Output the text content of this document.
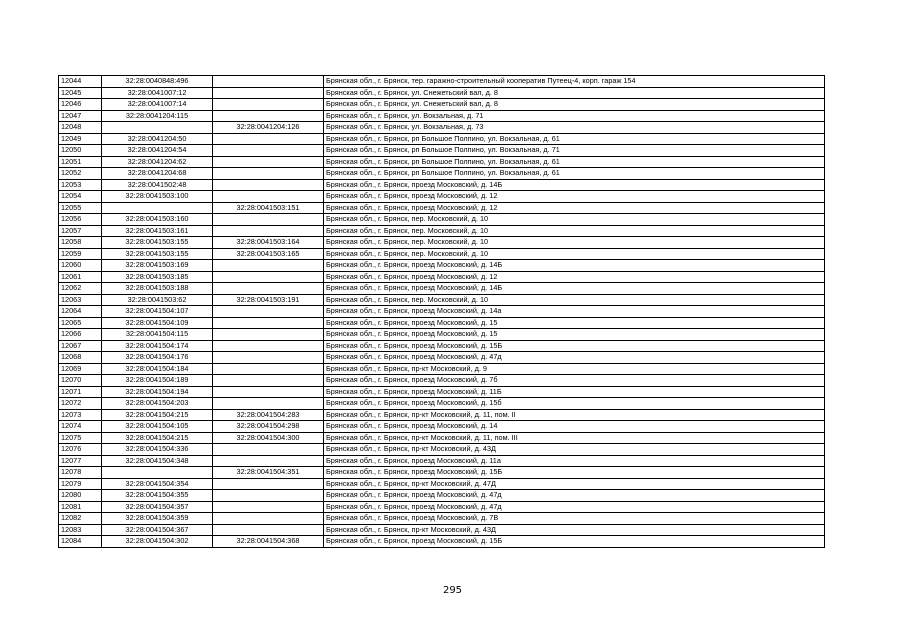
12044	32:28:0040848:496		Брянская обл., г. Брянск, тер. гаражно-строительный кооператив Путеец-4, корп. гараж 154
12045	32:28:0041007:12		Брянская обл., г. Брянск, ул. Снежетьский вал, д. 8
12046	32:28:0041007:14		Брянская обл., г. Брянск, ул. Снежетьский вал, д. 8
12047	32:28:0041204:115		Брянская обл., г. Брянск, ул. Вокзальная, д. 71
12048		32:28:0041204:126	Брянская обл., г. Брянск, ул. Вокзальная, д. 73
12049	32:28:0041204:50		Брянская обл., г. Брянск, рп Большое Полпино, ул. Вокзальная, д. 61
12050	32:28:0041204:54		Брянская обл., г. Брянск, рп Большое Полпино, ул. Вокзальная, д. 71
12051	32:28:0041204:62		Брянская обл., г. Брянск, рп Большое Полпино, ул. Вокзальная, д. 61
12052	32:28:0041204:68		Брянская обл., г. Брянск, рп Большое Полпино, ул. Вокзальная, д. 61
12053	32:28:0041502:48		Брянская обл., г. Брянск, проезд Московский, д. 14Б
12054	32:28:0041503:100		Брянская обл., г. Брянск, проезд Московский, д. 12
12055		32:28:0041503:151	Брянская обл., г. Брянск, проезд Московский, д. 12
12056	32:28:0041503:160		Брянская обл., г. Брянск, пер. Московский, д. 10
12057	32:28:0041503:161		Брянская обл., г. Брянск, пер. Московский, д. 10
12058	32:28:0041503:155	32:28:0041503:164	Брянская обл., г. Брянск, пер. Московский, д. 10
12059	32:28:0041503:155	32:28:0041503:165	Брянская обл., г. Брянск, пер. Московский, д. 10
12060	32:28:0041503:169		Брянская обл., г. Брянск, проезд Московский, д. 14Б
12061	32:28:0041503:185		Брянская обл., г. Брянск, проезд Московский, д. 12
12062	32:28:0041503:188		Брянская обл., г. Брянск, проезд Московский, д. 14Б
12063	32:28:0041503:62	32:28:0041503:191	Брянская обл., г. Брянск, пер. Московский, д. 10
12064	32:28:0041504:107		Брянская обл., г. Брянск, проезд Московский, д. 14а
12065	32:28:0041504:109		Брянская обл., г. Брянск, проезд Московский, д. 15
12066	32:28:0041504:115		Брянская обл., г. Брянск, проезд Московский, д. 15
12067	32:28:0041504:174		Брянская обл., г. Брянск, проезд Московский, д. 15Б
12068	32:28:0041504:176		Брянская обл., г. Брянск, проезд Московский, д. 47д
12069	32:28:0041504:184		Брянская обл., г. Брянск, пр-кт Московский, д. 9
12070	32:28:0041504:189		Брянская обл., г. Брянск, проезд Московский, д. 7б
12071	32:28:0041504:194		Брянская обл., г. Брянск, проезд Московский, д. 11Б
12072	32:28:0041504:203		Брянская обл., г. Брянск, проезд Московский, д. 15б
12073	32:28:0041504:215	32:28:0041504:283	Брянская обл., г. Брянск, пр-кт Московский, д. 11, пом. II
12074	32:28:0041504:105	32:28:0041504:298	Брянская обл., г. Брянск, проезд Московский, д. 14
12075	32:28:0041504:215	32:28:0041504:300	Брянская обл., г. Брянск, пр-кт Московский, д. 11, пом. III
12076	32:28:0041504:336		Брянская обл., г. Брянск, пр-кт Московский, д. 43Д
12077	32:28:0041504:348		Брянская обл., г. Брянск, проезд Московский, д. 11а
12078		32:28:0041504:351	Брянская обл., г. Брянск, проезд Московский, д. 15Б
12079	32:28:0041504:354		Брянская обл., г. Брянск, пр-кт Московский, д. 47Д
12080	32:28:0041504:355		Брянская обл., г. Брянск, проезд Московский, д. 47д
12081	32:28:0041504:357		Брянская обл., г. Брянск, проезд Московский, д. 47д
12082	32:28:0041504:359		Брянская обл., г. Брянск, проезд Московский, д. 7В
12083	32:28:0041504:367		Брянская обл., г. Брянск, пр-кт Московский, д. 43Д
12084	32:28:0041504:302	32:28:0041504:368	Брянская обл., г. Брянск, проезд Московский, д. 15Б
295
